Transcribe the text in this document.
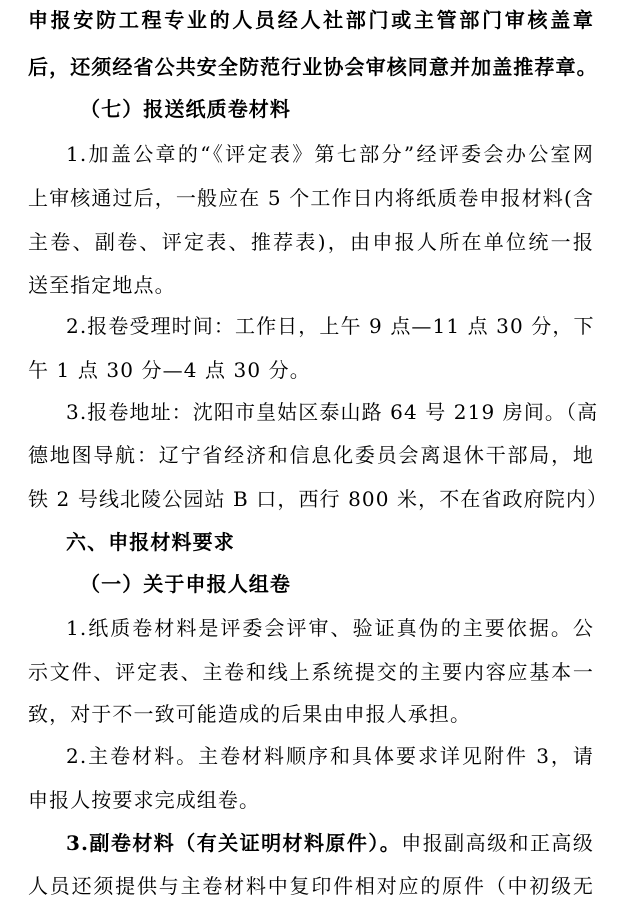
申报安防工程专业的人员经人社部门或主管部门审核盖章
后，还须经省公共安全防范行业协会审核同意并加盖推荐章。
（七）报送纸质卷材料
1.加盖公章的“《评定表》第七部分”经评委会办公室网
上审核通过后，一般应在 5 个工作日内将纸质卷申报材料(含
主卷、副卷、评定表、推荐表)，由申报人所在单位统一报
送至指定地点。
2.报卷受理时间：工作日，上午 9 点—11 点 30 分，下
午 1 点 30 分—4 点 30 分。
3.报卷地址：沈阳市皇姑区泰山路 64 号 219 房间。（高
德地图导航：辽宁省经济和信息化委员会离退休干部局，地
铁 2 号线北陵公园站 B 口，西行 800 米，不在省政府院内）
六、申报材料要求
（一）关于申报人组卷
1.纸质卷材料是评委会评审、验证真伪的主要依据。公
示文件、评定表、主卷和线上系统提交的主要内容应基本一
致，对于不一致可能造成的后果由申报人承担。
2.主卷材料。主卷材料顺序和具体要求详见附件 3，请
申报人按要求完成组卷。
3.副卷材料（有关证明材料原件）。申报副高级和正高级
人员还须提供与主卷材料中复印件相对应的原件（中初级无
